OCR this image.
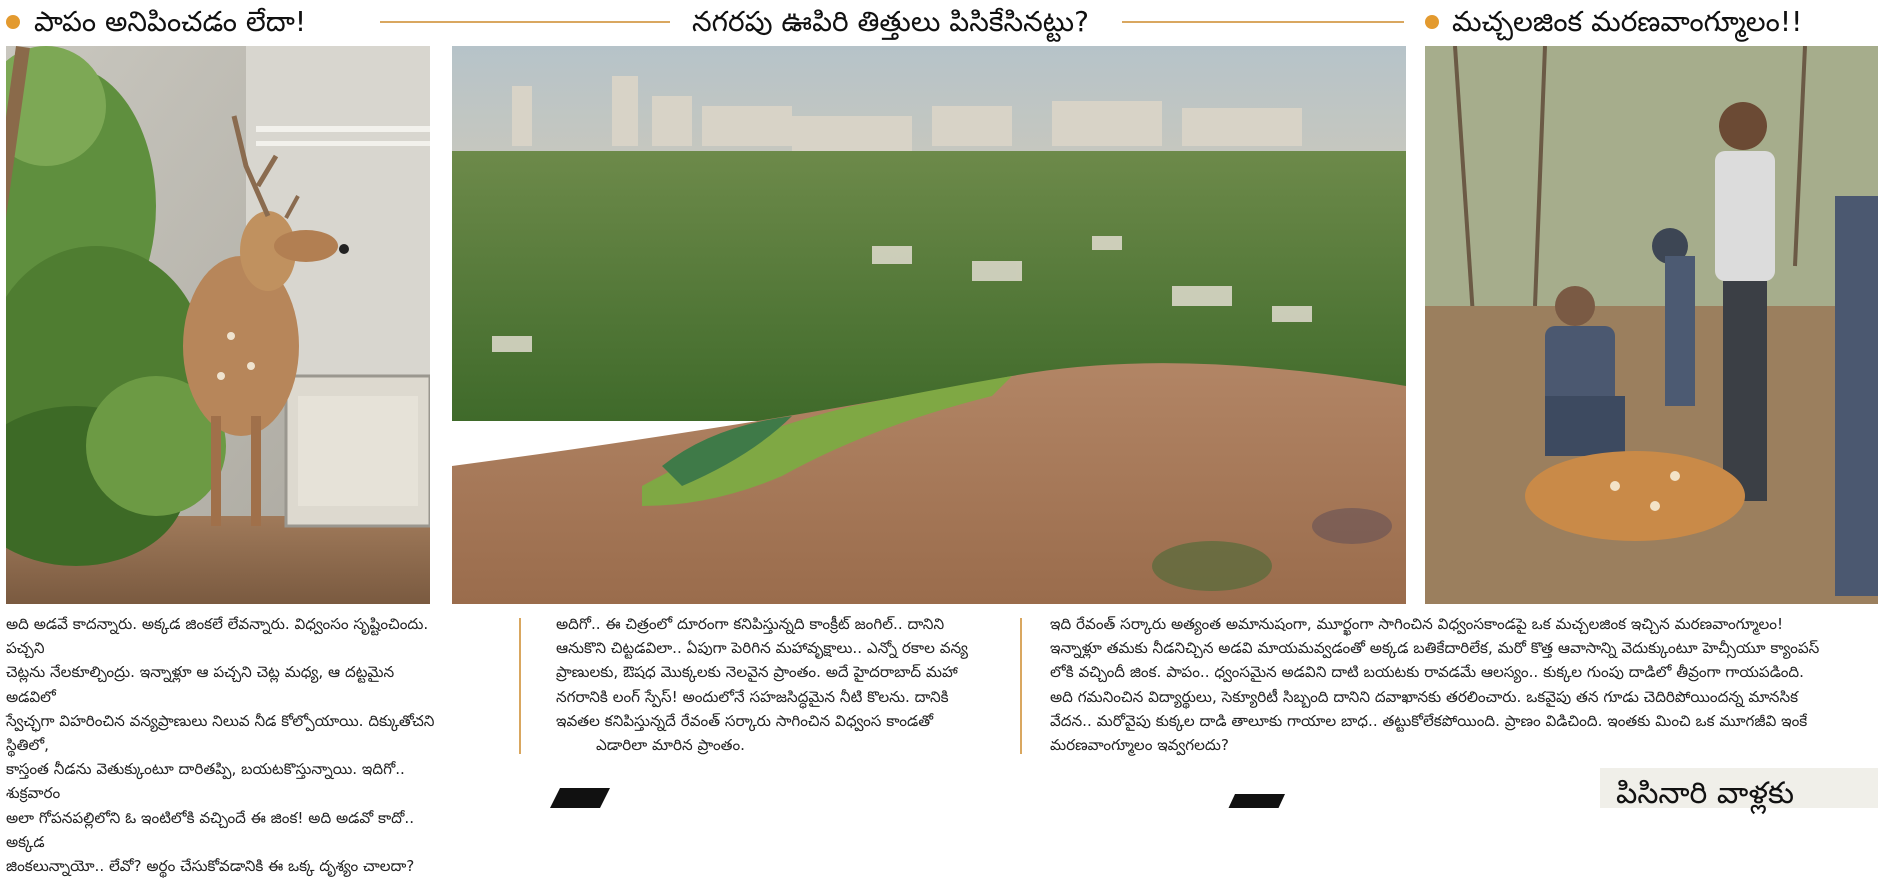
పాపం అనిపించడం లేదా!	నగరపు ఊపిరి తిత్తులు పిసికేసినట్టు?	మచ్చలజింక మరణవాంగ్మూలం!!
అది అడవే కాదన్నారు. అక్కడ జింకలే లేవన్నారు. విధ్వంసం సృష్టించిందు. పచ్చని
చెట్లను నేలకూల్చింద్రు. ఇన్నాళ్లూ ఆ పచ్చని చెట్ల మధ్య, ఆ దట్టమైన అడవిలో
స్వేచ్ఛగా విహరించిన వన్యప్రాణులు నిలువ నీడ కోల్పోయాయి. దిక్కుతోచని స్థితిలో,
కాస్తంత నీడను వెతుక్కుంటూ దారితప్పి, బయటకొస్తున్నాయి. ఇదిగో.. శుక్రవారం
అలా గోపనపల్లిలోని ఓ ఇంటిలోకి వచ్చిందే ఈ జింక! అది అడవో కాదో.. అక్కడ
జింకలున్నాయో.. లేవో? అర్థం చేసుకోవడానికి ఈ ఒక్క దృశ్యం చాలదా?
అదిగో.. ఈ చిత్రంలో దూరంగా కనిపిస్తున్నది కాంక్రీట్ జంగిల్.. దానిని
ఆనుకొని చిట్టడవిలా.. ఏపుగా పెరిగిన మహావృక్షాలు.. ఎన్నో రకాల వన్య
ప్రాణులకు, ఔషధ మొక్కలకు నెలవైన ప్రాంతం. అదే హైదరాబాద్ మహా
నగరానికి లంగ్ స్పేస్! అందులోనే సహజసిద్ధమైన నీటి కొలను. దానికి
ఇవతల కనిపిస్తున్నదే రేవంత్ సర్కారు సాగించిన విధ్వంస కాండతో
ఎడారిలా మారిన ప్రాంతం.
ఇది రేవంత్ సర్కారు అత్యంత అమానుషంగా, మూర్ఖంగా సాగించిన విధ్వంసకాండపై ఒక మచ్చలజింక ఇచ్చిన మరణవాంగ్మూలం!
ఇన్నాళ్లూ తమకు నీడనిచ్చిన అడవి మాయమవ్వడంతో అక్కడ బతికేదారిలేక, మరో కొత్త ఆవాసాన్ని వెదుక్కుంటూ హెచ్సీయూ క్యాంపస్
లోకి వచ్చిందీ జింక. పాపం.. ధ్వంసమైన అడవిని దాటి బయటకు రావడమే ఆలస్యం.. కుక్కల గుంపు దాడిలో తీవ్రంగా గాయపడింది.
అది గమనించిన విద్యార్థులు, సెక్యూరిటీ సిబ్బంది దానిని దవాఖానకు తరలించారు. ఒకవైపు తన గూడు చెదిరిపోయిందన్న మానసిక
వేదన.. మరోవైపు కుక్కల దాడి తాలూకు గాయాల బాధ.. తట్టుకోలేకపోయింది. ప్రాణం విడిచింది. ఇంతకు మించి ఒక మూగజీవి ఇంకే
మరణవాంగ్మూలం ఇవ్వగలదు?
పిసినారి వాళ్లకు
